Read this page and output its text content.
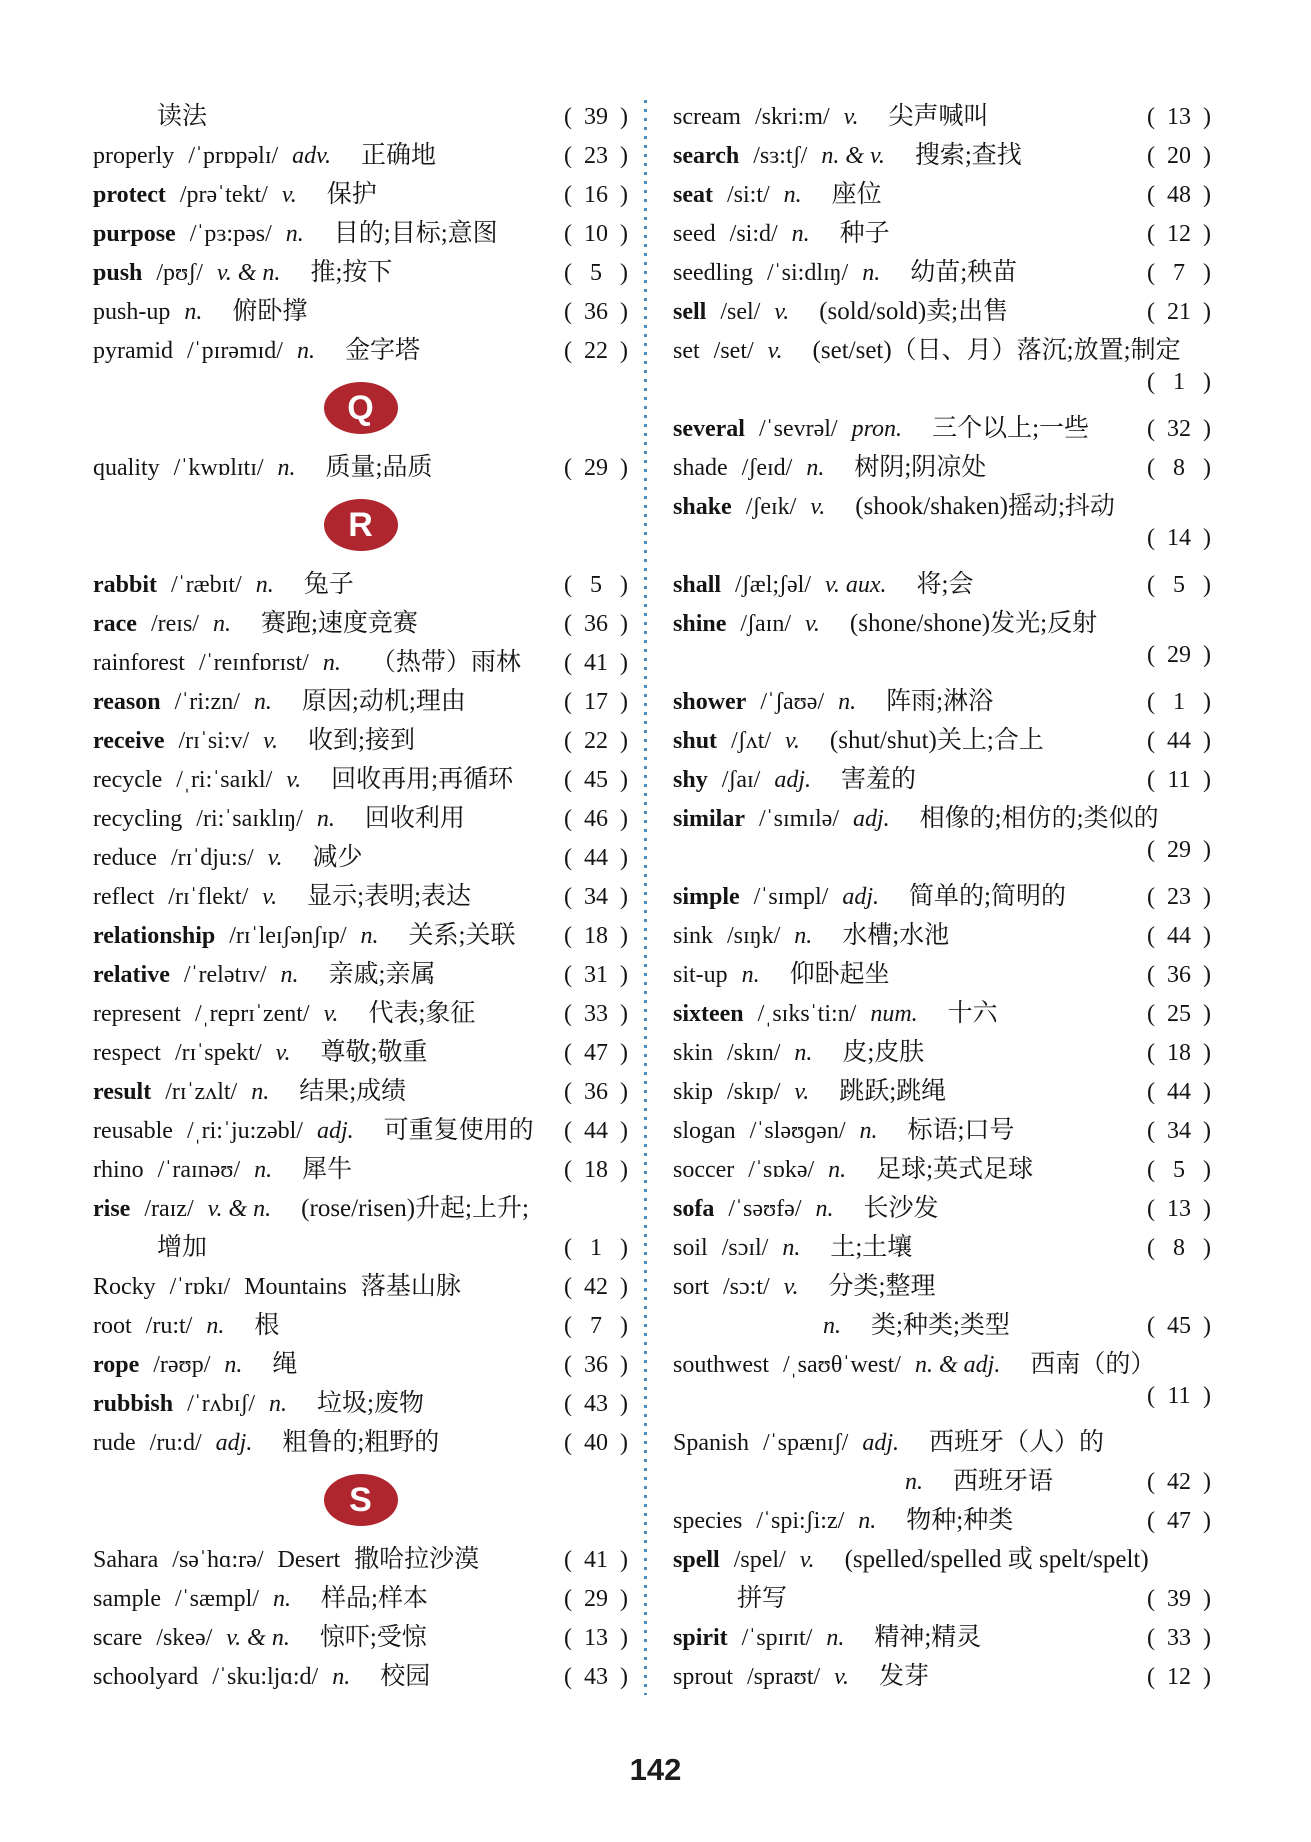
读法	( 39 )
properly /ˈprɒpəlɪ/ adv. 正确地	( 23 )
protect /prəˈtekt/ v. 保护	( 16 )
purpose /ˈpɜ:pəs/ n. 目的;目标;意图	( 10 )
push /pʊʃ/ v. & n. 推;按下	( 5 )
push-up n. 俯卧撑	( 36 )
pyramid /ˈpɪrəmɪd/ n. 金字塔	( 22 )
Q
quality /ˈkwɒlɪtɪ/ n. 质量;品质	( 29 )
R
rabbit /ˈræbɪt/ n. 兔子	( 5 )
race /reɪs/ n. 赛跑;速度竞赛	( 36 )
rainforest /ˈreɪnfɒrɪst/ n. （热带）雨林	( 41 )
reason /ˈri:zn/ n. 原因;动机;理由	( 17 )
receive /rɪˈsi:v/ v. 收到;接到	( 22 )
recycle /ˌri:ˈsaɪkl/ v. 回收再用;再循环	( 45 )
recycling /ri:ˈsaɪklɪŋ/ n. 回收利用	( 46 )
reduce /rɪˈdju:s/ v. 减少	( 44 )
reflect /rɪˈflekt/ v. 显示;表明;表达	( 34 )
relationship /rɪˈleɪʃənʃɪp/ n. 关系;关联	( 18 )
relative /ˈrelətɪv/ n. 亲戚;亲属	( 31 )
represent /ˌreprɪˈzent/ v. 代表;象征	( 33 )
respect /rɪˈspekt/ v. 尊敬;敬重	( 47 )
result /rɪˈzʌlt/ n. 结果;成绩	( 36 )
reusable /ˌri:ˈju:zəbl/ adj. 可重复使用的	( 44 )
rhino /ˈraɪnəʊ/ n. 犀牛	( 18 )
rise /raɪz/ v. & n. (rose/risen)升起;上升;
增加	( 1 )
Rocky /ˈrɒkɪ/ Mountains 落基山脉	( 42 )
root /ru:t/ n. 根	( 7 )
rope /rəʊp/ n. 绳	( 36 )
rubbish /ˈrʌbɪʃ/ n. 垃圾;废物	( 43 )
rude /ru:d/ adj. 粗鲁的;粗野的	( 40 )
S
Sahara /səˈhɑ:rə/ Desert 撒哈拉沙漠	( 41 )
sample /ˈsæmpl/ n. 样品;样本	( 29 )
scare /skeə/ v. & n. 惊吓;受惊	( 13 )
schoolyard /ˈsku:ljɑ:d/ n. 校园	( 43 )
scream /skri:m/ v. 尖声喊叫	( 13 )
search /sɜ:tʃ/ n. & v. 搜索;查找	( 20 )
seat /si:t/ n. 座位	( 48 )
seed /si:d/ n. 种子	( 12 )
seedling /ˈsi:dlɪŋ/ n. 幼苗;秧苗	( 7 )
sell /sel/ v. (sold/sold)卖;出售	( 21 )
set /set/ v. (set/set)（日、月）落沉;放置;制定
( 1 )
several /ˈsevrəl/ pron. 三个以上;一些	( 32 )
shade /ʃeɪd/ n. 树阴;阴凉处	( 8 )
shake /ʃeɪk/ v. (shook/shaken)摇动;抖动
( 14 )
shall /ʃæl;ʃəl/ v. aux. 将;会	( 5 )
shine /ʃaɪn/ v. (shone/shone)发光;反射
( 29 )
shower /ˈʃaʊə/ n. 阵雨;淋浴	( 1 )
shut /ʃʌt/ v. (shut/shut)关上;合上	( 44 )
shy /ʃaɪ/ adj. 害羞的	( 11 )
similar /ˈsɪmɪlə/ adj. 相像的;相仿的;类似的
( 29 )
simple /ˈsɪmpl/ adj. 简单的;简明的	( 23 )
sink /sɪŋk/ n. 水槽;水池	( 44 )
sit-up n. 仰卧起坐	( 36 )
sixteen /ˌsɪksˈti:n/ num. 十六	( 25 )
skin /skɪn/ n. 皮;皮肤	( 18 )
skip /skɪp/ v. 跳跃;跳绳	( 44 )
slogan /ˈsləʊɡən/ n. 标语;口号	( 34 )
soccer /ˈsɒkə/ n. 足球;英式足球	( 5 )
sofa /ˈsəʊfə/ n. 长沙发	( 13 )
soil /sɔɪl/ n. 土;土壤	( 8 )
sort /sɔ:t/ v. 分类;整理
n. 类;种类;类型	( 45 )
southwest /ˌsaʊθˈwest/ n. & adj. 西南（的）
( 11 )
Spanish /ˈspænɪʃ/ adj. 西班牙（人）的
n. 西班牙语	( 42 )
species /ˈspi:ʃi:z/ n. 物种;种类	( 47 )
spell /spel/ v. (spelled/spelled 或 spelt/spelt)
拼写	( 39 )
spirit /ˈspɪrɪt/ n. 精神;精灵	( 33 )
sprout /spraʊt/ v. 发芽	( 12 )
142
